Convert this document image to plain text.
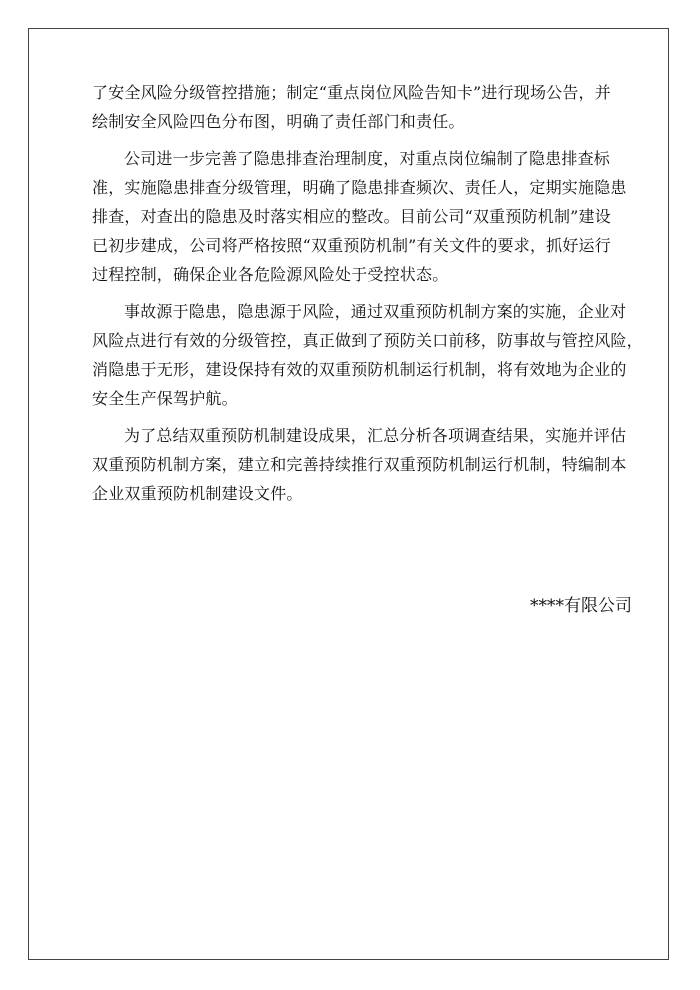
了安全风险分级管控措施；制定“重点岗位风险告知卡”进行现场公告，并
绘制安全风险四色分布图，明确了责任部门和责任。
公司进一步完善了隐患排查治理制度，对重点岗位编制了隐患排查标
准，实施隐患排查分级管理，明确了隐患排查频次、责任人，定期实施隐患
排查，对查出的隐患及时落实相应的整改。目前公司“双重预防机制”建设
已初步建成，公司将严格按照“双重预防机制”有关文件的要求，抓好运行
过程控制，确保企业各危险源风险处于受控状态。
事故源于隐患，隐患源于风险，通过双重预防机制方案的实施，企业对
风险点进行有效的分级管控，真正做到了预防关口前移，防事故与管控风险，
消隐患于无形，建设保持有效的双重预防机制运行机制，将有效地为企业的
安全生产保驾护航。
为了总结双重预防机制建设成果，汇总分析各项调查结果，实施并评估
双重预防机制方案，建立和完善持续推行双重预防机制运行机制，特编制本
企业双重预防机制建设文件。
****有限公司
